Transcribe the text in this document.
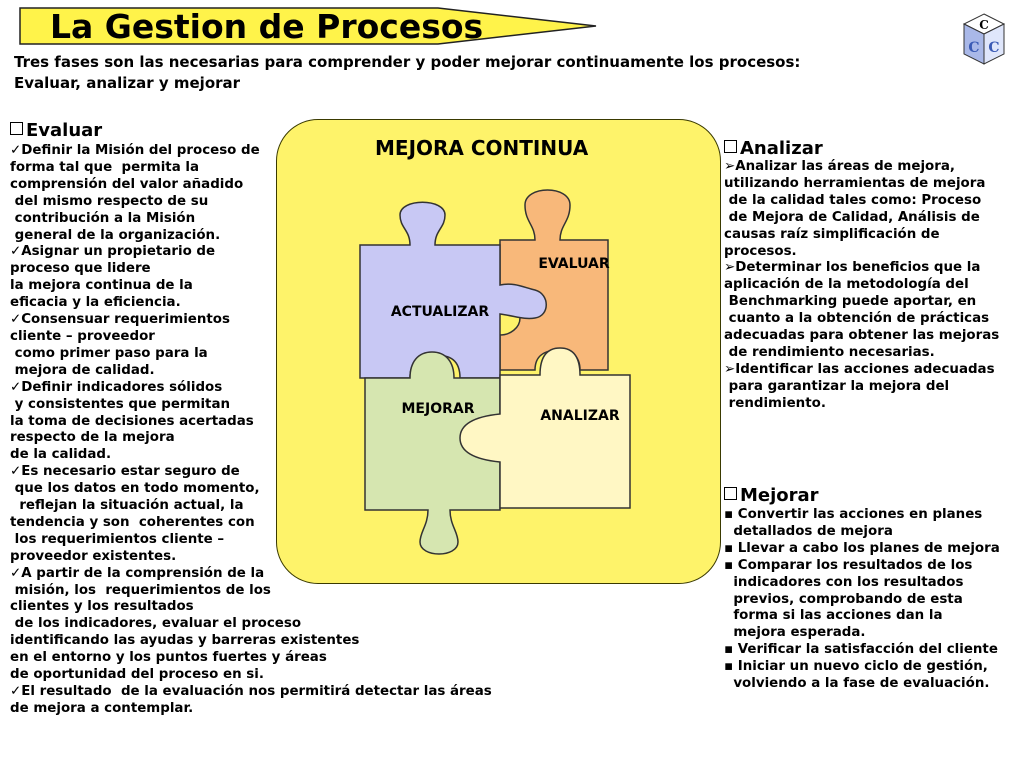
La Gestion de Procesos	C
C C
Tres fases son las necesarias para comprender y poder mejorar continuamente los procesos:
Evaluar, analizar y mejorar
MEJORA CONTINUA
EVALUAR
ACTUALIZAR
MEJORAR	ANALIZAR
Evaluar
✓Definir la Misión del proceso de
forma tal que  permita la
comprensión del valor añadido
del mismo respecto de su
contribución a la Misión
general de la organización.
✓Asignar un propietario de
proceso que lidere
la mejora continua de la
eficacia y la eficiencia.
✓Consensuar requerimientos
cliente – proveedor
como primer paso para la
mejora de calidad.
✓Definir indicadores sólidos
y consistentes que permitan
la toma de decisiones acertadas
respecto de la mejora
de la calidad.
✓Es necesario estar seguro de
que los datos en todo momento,
reflejan la situación actual, la
tendencia y son  coherentes con
los requerimientos cliente –
proveedor existentes.
✓A partir de la comprensión de la
misión, los  requerimientos de los
clientes y los resultados
de los indicadores, evaluar el proceso
identificando las ayudas y barreras existentes
en el entorno y los puntos fuertes y áreas
de oportunidad del proceso en si.
✓El resultado  de la evaluación nos permitirá detectar las áreas
de mejora a contemplar.
Analizar
➢Analizar las áreas de mejora,
utilizando herramientas de mejora
de la calidad tales como: Proceso
de Mejora de Calidad, Análisis de
causas raíz simplificación de
procesos.
➢Determinar los beneficios que la
aplicación de la metodología del
Benchmarking puede aportar, en
cuanto a la obtención de prácticas
adecuadas para obtener las mejoras
de rendimiento necesarias.
➢Identificar las acciones adecuadas
para garantizar la mejora del
rendimiento.
Mejorar
▪ Convertir las acciones en planes
detallados de mejora
▪ Llevar a cabo los planes de mejora
▪ Comparar los resultados de los
indicadores con los resultados
previos, comprobando de esta
forma si las acciones dan la
mejora esperada.
▪ Verificar la satisfacción del cliente
▪ Iniciar un nuevo ciclo de gestión,
volviendo a la fase de evaluación.
